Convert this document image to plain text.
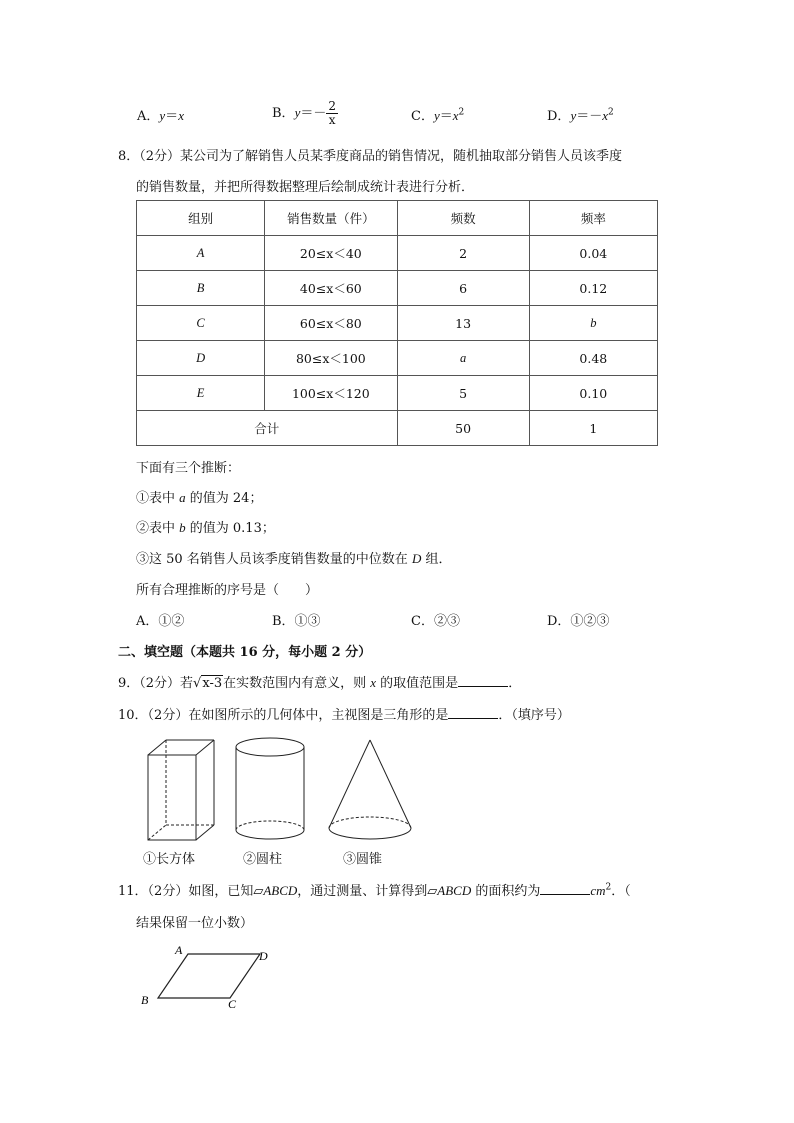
A．y＝x	B．$y=- \frac{2}{x}$	C．$y=x^2$	D．$y=-x^2$
8．（2分）某公司为了解销售人员某季度商品的销售情况，随机抽取部分销售人员该季度
的销售数量，并把所得数据整理后绘制成统计表进行分析．
组别	销售数量（件）	频数	频率
A	20≤x＜40	2	0.04
B	40≤x＜60	6	0.12
C	60≤x＜80	13	b
D	80≤x＜100	a	0.48
E	100≤x＜120	5	0.10
合计		50	1
下面有三个推断：
①表中 a 的值为 24；
②表中 b 的值为 0.13；
③这 50 名销售人员该季度销售数量的中位数在 D 组．
所有合理推断的序号是（　　）
A．①②	B．①③	C．②③	D．①②③
二、填空题（本题共 16 分，每小题 2 分）
9．（2分）若√x-3在实数范围内有意义，则 x 的取值范围是	．
10．（2分）在如图所示的几何体中，主视图是三角形的是	．（填序号）
①长方体	②圆柱	③圆锥
11．（2分）如图，已知▱ABCD，通过测量、计算得到▱ABCD 的面积约为	$cm^2$．（
结果保留一位小数）
A	D
B	C
